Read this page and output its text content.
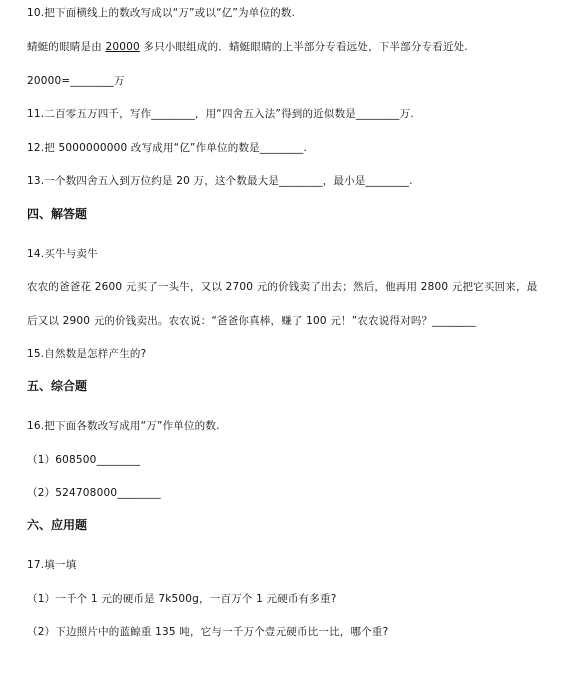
10.把下面横线上的数改写成以“万”或以“亿”为单位的数.
蜻蜓的眼睛是由 20000 多只小眼组成的．蜻蜓眼睛的上半部分专看远处，下半部分专看近处.
20000=________万
11.二百零五万四千，写作________，用“四舍五入法”得到的近似数是________万.
12.把 5000000000 改写成用“亿”作单位的数是________.
13.一个数四舍五入到万位约是 20 万，这个数最大是________，最小是________.
四、解答题
14.买牛与卖牛
农农的爸爸花 2600 元买了一头牛，又以 2700 元的价钱卖了出去；然后，他再用 2800 元把它买回来，最
后又以 2900 元的价钱卖出。农农说：“爸爸你真棒，赚了 100 元！”农农说得对吗？________
15.自然数是怎样产生的?
五、综合题
16.把下面各数改写成用“万”作单位的数.
（1）608500________
（2）524708000________
六、应用题
17.填一填
（1）一千个 1 元的硬币是 7k500g，一百万个 1 元硬币有多重?
（2）下边照片中的蓝鲸重 135 吨，它与一千万个壹元硬币比一比，哪个重?
